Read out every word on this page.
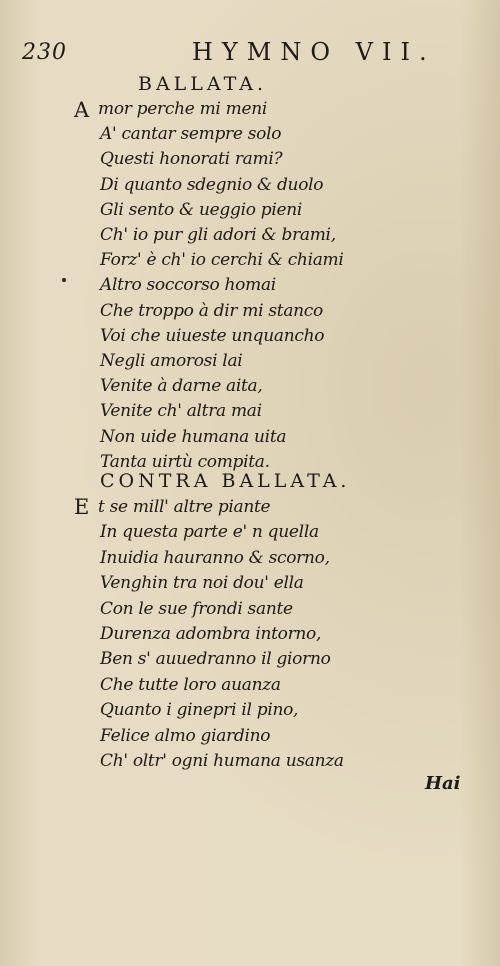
230	HYMNO VII.
BALLATA.
A mor perche mi meni
A' cantar sempre solo
Questi honorati rami?
Di quanto sdegnio & duolo
Gli sento & ueggio pieni
Ch' io pur gli adori & brami,
Forz' è ch' io cerchi & chiami
Altro soccorso homai
Che troppo à dir mi stanco
Voi che uiueste unquancho
Negli amorosi lai
Venite à darne aita,
Venite ch' altra mai
Non uide humana uita
Tanta uirtù compita.
CONTRA BALLATA.
E t se mill' altre piante
In questa parte e' n quella
Inuidia hauranno & scorno,
Venghin tra noi dou' ella
Con le sue frondi sante
Durenza adombra intorno,
Ben s' auuedranno il giorno
Che tutte loro auanza
Quanto i ginepri il pino,
Felice almo giardino
Ch' oltr' ogni humana usanza
Hai
